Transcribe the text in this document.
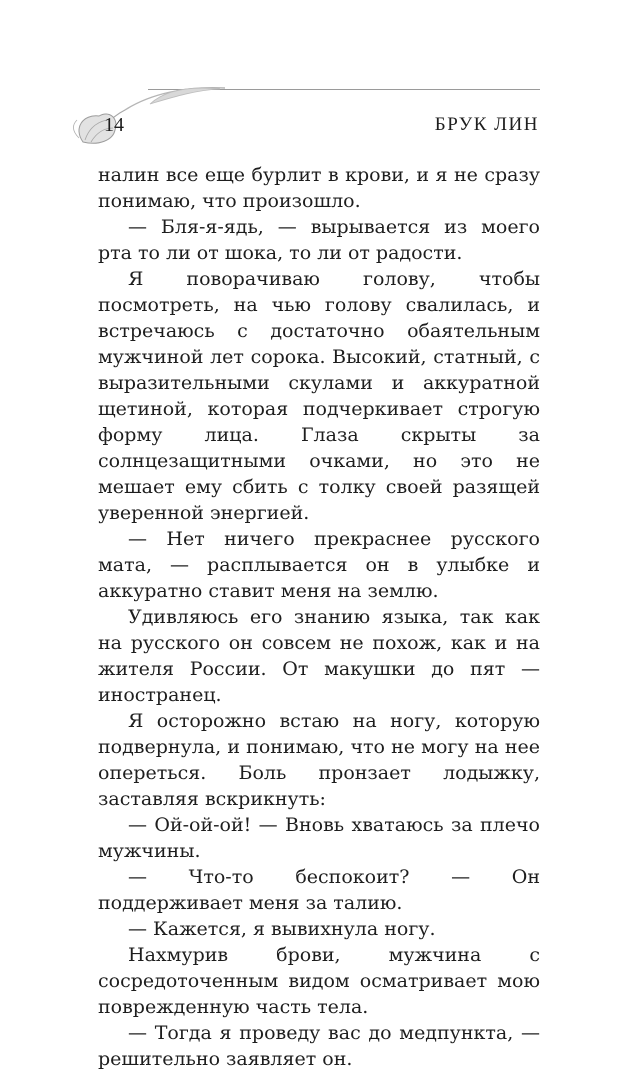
14	БРУК ЛИН

налин все еще бурлит в крови, и я не сразу понимаю, что произошло.

— Бля-я-ядь, — вырывается из моего рта то ли от шока, то ли от радости.

Я поворачиваю голову, чтобы посмотреть, на чью голову свалилась, и встречаюсь с достаточно обаятельным мужчиной лет сорока. Высокий, статный, с выразительными скулами и аккуратной щетиной, которая подчеркивает строгую форму лица. Глаза скрыты за солнцезащитными очками, но это не мешает ему сбить с толку своей разящей уверенной энергией.

— Нет ничего прекраснее русского мата, — расплывается он в улыбке и аккуратно ставит меня на землю.

Удивляюсь его знанию языка, так как на русского он совсем не похож, как и на жителя России. От макушки до пят — иностранец.

Я осторожно встаю на ногу, которую подвернула, и понимаю, что не могу на нее опереться. Боль пронзает лодыжку, заставляя вскрикнуть:

— Ой-ой-ой! — Вновь хватаюсь за плечо мужчины.

— Что-то беспокоит? — Он поддерживает меня за талию.

— Кажется, я вывихнула ногу.

Нахмурив брови, мужчина с сосредоточенным видом осматривает мою поврежденную часть тела.

— Тогда я проведу вас до медпункта, — решительно заявляет он.
